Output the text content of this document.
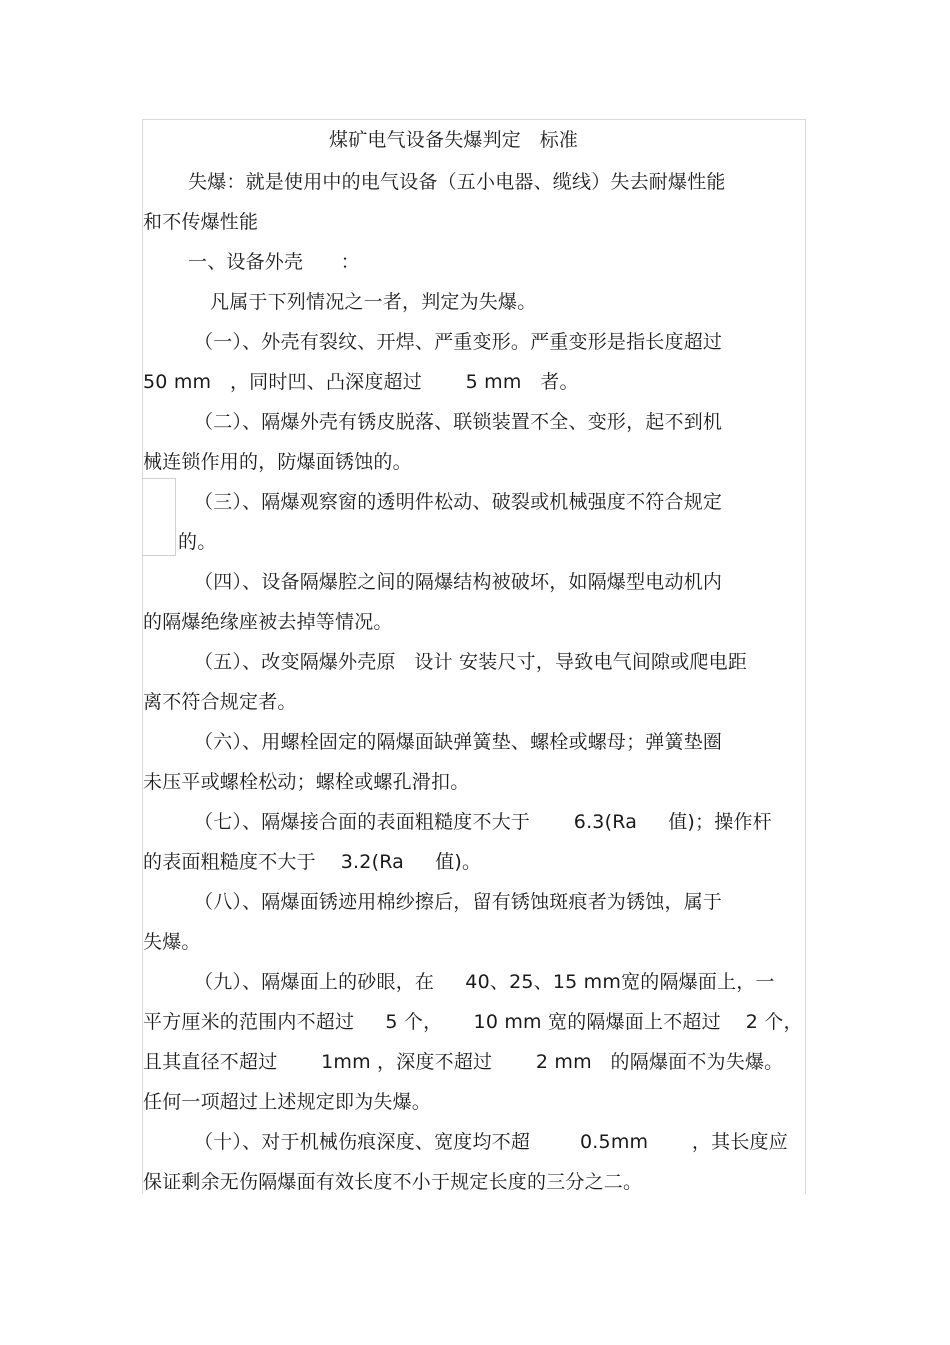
煤矿电气设备失爆判定   标准
失爆：就是使用中的电气设备（五小电器、缆线）失去耐爆性能
和不传爆性能
一、设备外壳      ：
凡属于下列情况之一者，判定为失爆。
（一）、外壳有裂纹、开焊、严重变形。严重变形是指长度超过
50 mm   ，同时凹、凸深度超过       5 mm   者。
（二）、隔爆外壳有锈皮脱落、联锁装置不全、变形，起不到机
械连锁作用的，防爆面锈蚀的。
（三）、隔爆观察窗的透明件松动、破裂或机械强度不符合规定
的。
（四）、设备隔爆腔之间的隔爆结构被破坏，如隔爆型电动机内
的隔爆绝缘座被去掉等情况。
（五）、改变隔爆外壳原   设计 安装尺寸，导致电气间隙或爬电距
离不符合规定者。
（六）、用螺栓固定的隔爆面缺弹簧垫、螺栓或螺母；弹簧垫圈
未压平或螺栓松动；螺栓或螺孔滑扣。
（七）、隔爆接合面的表面粗糙度不大于       6.3(Ra     值)；操作杆
的表面粗糙度不大于    3.2(Ra     值)。
（八）、隔爆面锈迹用棉纱擦后，留有锈蚀斑痕者为锈蚀，属于
失爆。
（九）、隔爆面上的砂眼，在     40、25、15 mm宽的隔爆面上，一
平方厘米的范围内不超过     5 个，     10 mm 宽的隔爆面上不超过    2 个，
且其直径不超过       1mm ，深度不超过       2 mm   的隔爆面不为失爆。
任何一项超过上述规定即为失爆。
（十）、对于机械伤痕深度、宽度均不超        0.5mm       ，其长度应
保证剩余无伤隔爆面有效长度不小于规定长度的三分之二。
